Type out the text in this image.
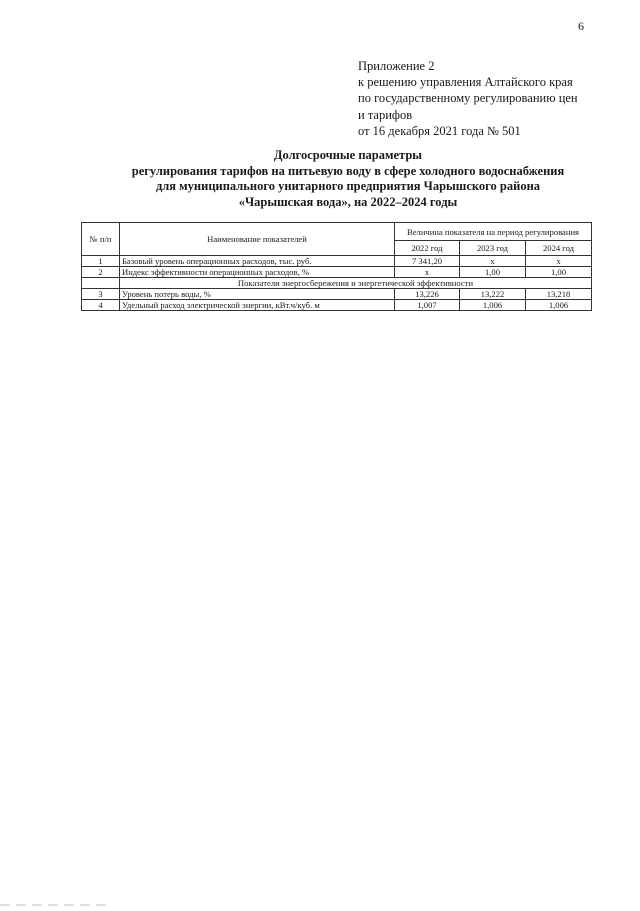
6
Приложение 2
к решению управления Алтайского края
по государственному регулированию цен
и тарифов
от 16 декабря 2021 года № 501
Долгосрочные параметры
регулирования тарифов на питьевую воду в сфере холодного водоснабжения
для муниципального унитарного предприятия Чарышского района
«Чарышская вода», на 2022–2024 годы
№ п/п	Наименование показателей	Величина показателя на период регулирования		
		2022 год	2023 год	2024 год
1	Базовый уровень операционных расходов, тыс. руб.	7 341,20	х	х
2	Индекс эффективности операционных расходов, %	х	1,00	1,00
	Показатели энергосбережения и энергетической эффективности			
3	Уровень потерь воды, %	13,226	13,222	13,218
4	Удельный расход электрической энергии, кВт.ч/куб. м	1,007	1,006	1,006
